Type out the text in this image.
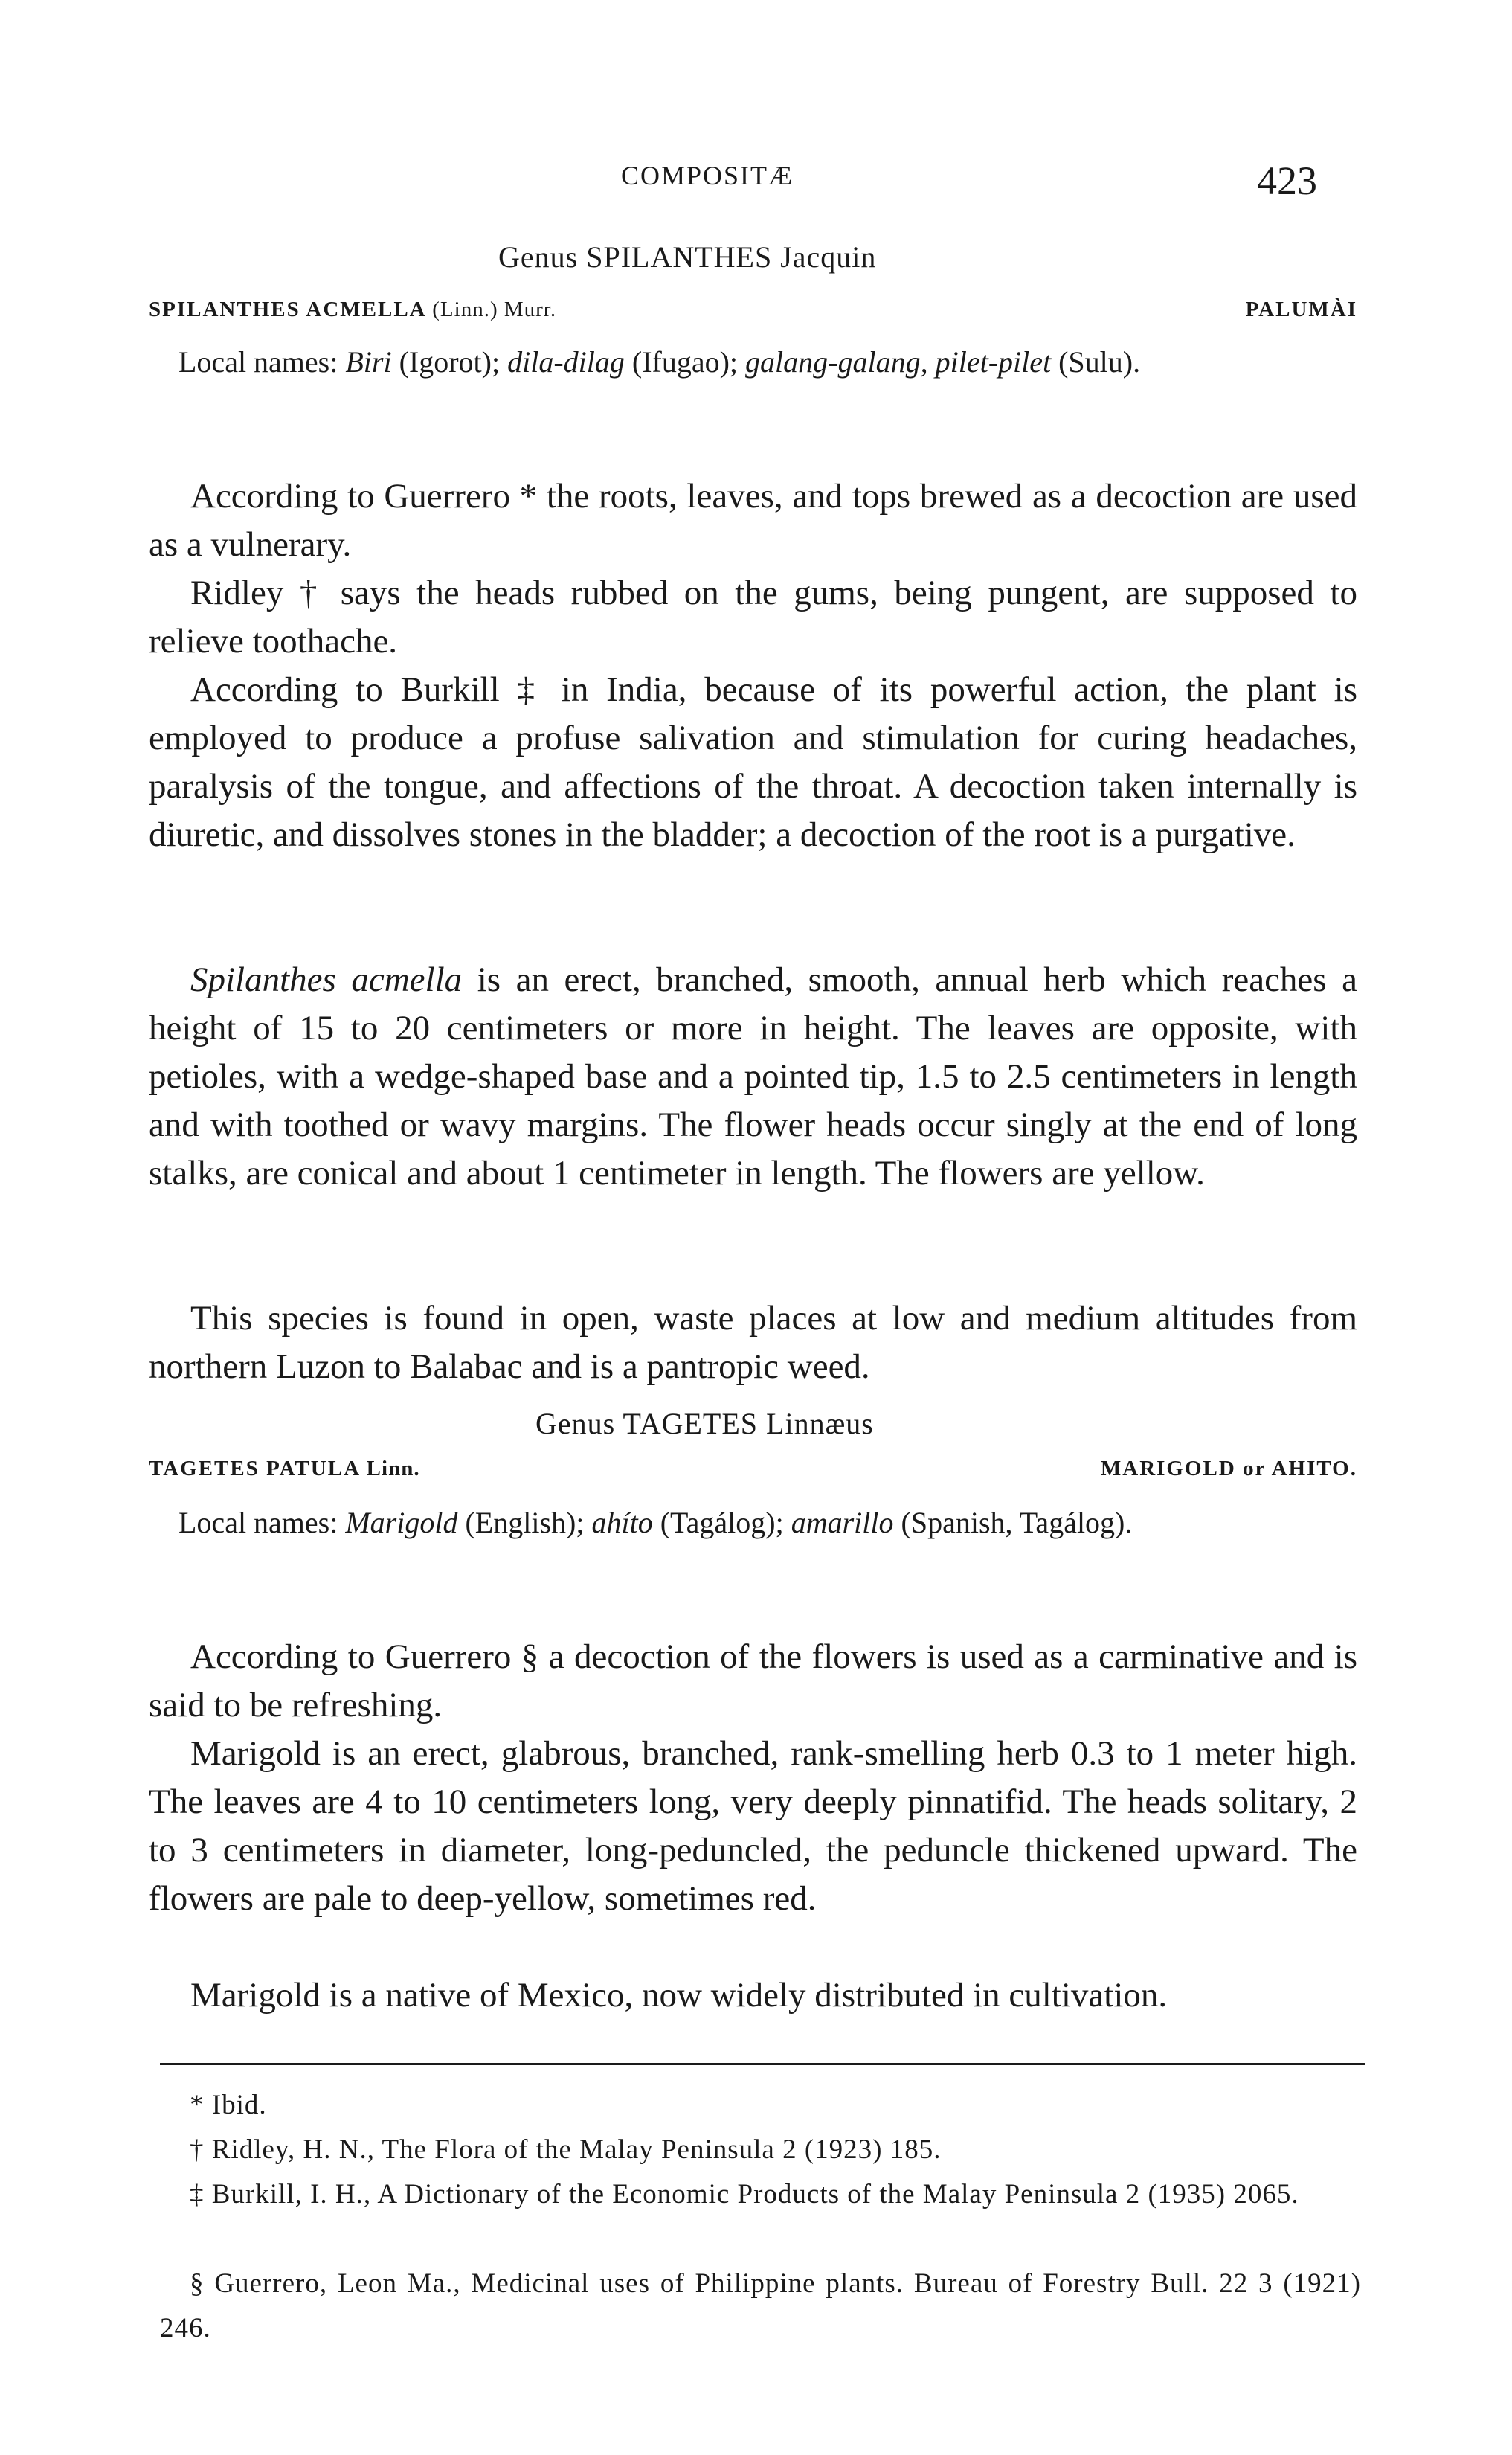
COMPOSITÆ	423
Genus SPILANTHES Jacquin
SPILANTHES ACMELLA (Linn.) Murr.	PALUMÀI
Local names: Biri (Igorot); dila-dilag (Ifugao); galang-galang, pilet-pilet (Sulu).

According to Guerrero * the roots, leaves, and tops brewed as a decoction are used as a vulnerary.

Ridley † says the heads rubbed on the gums, being pungent, are supposed to relieve toothache.

According to Burkill ‡ in India, because of its powerful action, the plant is employed to produce a profuse salivation and stimulation for curing headaches, paralysis of the tongue, and affections of the throat. A decoction taken internally is diuretic, and dissolves stones in the bladder; a decoction of the root is a purgative.

Spilanthes acmella is an erect, branched, smooth, annual herb which reaches a height of 15 to 20 centimeters or more in height. The leaves are opposite, with petioles, with a wedge-shaped base and a pointed tip, 1.5 to 2.5 centimeters in length and with toothed or wavy margins. The flower heads occur singly at the end of long stalks, are conical and about 1 centimeter in length. The flowers are yellow.

This species is found in open, waste places at low and medium altitudes from northern Luzon to Balabac and is a pantropic weed.

Genus TAGETES Linnæus
TAGETES PATULA Linn.	MARIGOLD or AHITO.
Local names: Marigold (English); ahíto (Tagálog); amarillo (Spanish, Tagálog).

According to Guerrero § a decoction of the flowers is used as a carminative and is said to be refreshing.

Marigold is an erect, glabrous, branched, rank-smelling herb 0.3 to 1 meter high. The leaves are 4 to 10 centimeters long, very deeply pinnatifid. The heads solitary, 2 to 3 centimeters in diameter, long-peduncled, the peduncle thickened upward. The flowers are pale to deep-yellow, sometimes red.

Marigold is a native of Mexico, now widely distributed in cultivation.

* Ibid.
† Ridley, H. N., The Flora of the Malay Peninsula 2 (1923) 185.
‡ Burkill, I. H., A Dictionary of the Economic Products of the Malay Peninsula 2 (1935) 2065.
§ Guerrero, Leon Ma., Medicinal uses of Philippine plants. Bureau of Forestry Bull. 22 3 (1921) 246.
